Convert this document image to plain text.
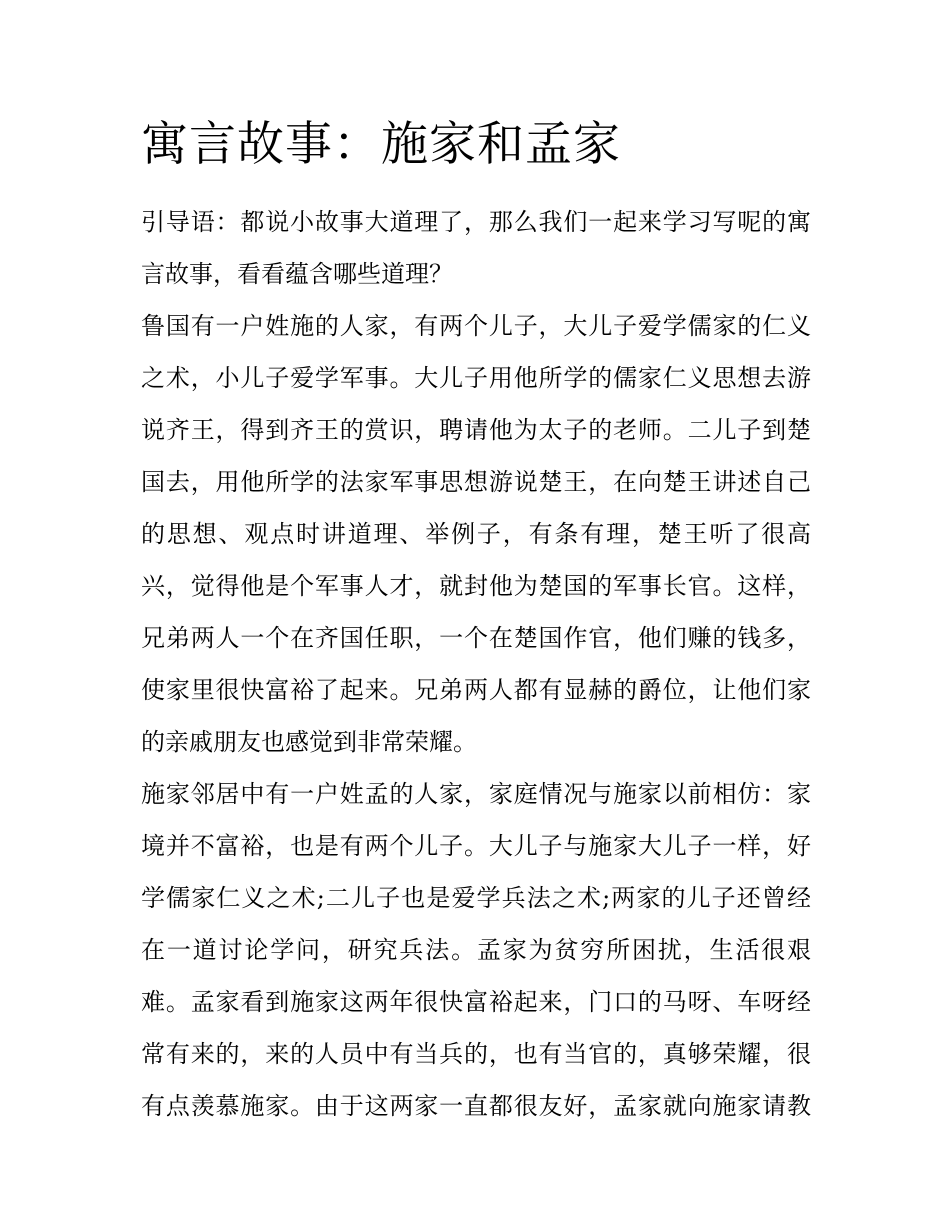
寓言故事：施家和孟家
引导语：都说小故事大道理了，那么我们一起来学习写呢的寓
言故事，看看蕴含哪些道理？
鲁国有一户姓施的人家，有两个儿子，大儿子爱学儒家的仁义
之术，小儿子爱学军事。大儿子用他所学的儒家仁义思想去游
说齐王，得到齐王的赏识，聘请他为太子的老师。二儿子到楚
国去，用他所学的法家军事思想游说楚王，在向楚王讲述自己
的思想、观点时讲道理、举例子，有条有理，楚王听了很高
兴，觉得他是个军事人才，就封他为楚国的军事长官。这样，
兄弟两人一个在齐国任职，一个在楚国作官，他们赚的钱多，
使家里很快富裕了起来。兄弟两人都有显赫的爵位，让他们家
的亲戚朋友也感觉到非常荣耀。
施家邻居中有一户姓孟的人家，家庭情况与施家以前相仿：家
境并不富裕，也是有两个儿子。大儿子与施家大儿子一样，好
学儒家仁义之术;二儿子也是爱学兵法之术;两家的儿子还曾经
在一道讨论学问，研究兵法。孟家为贫穷所困扰，生活很艰
难。孟家看到施家这两年很快富裕起来，门口的马呀、车呀经
常有来的，来的人员中有当兵的，也有当官的，真够荣耀，很
有点羡慕施家。由于这两家一直都很友好，孟家就向施家请教
